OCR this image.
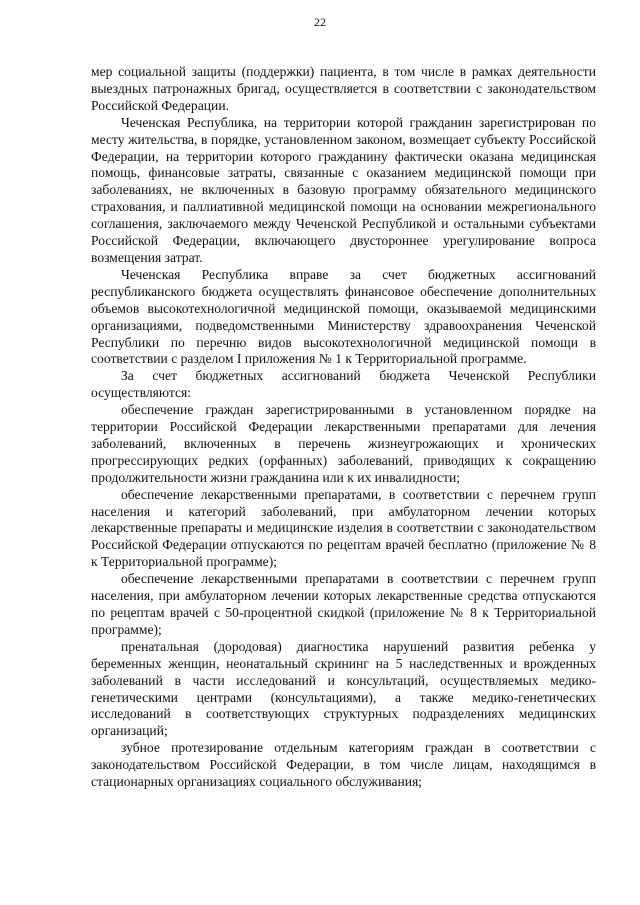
22

мер социальной защиты (поддержки) пациента, в том числе в рамках деятельности выездных патронажных бригад, осуществляется в соответствии с законодательством Российской Федерации.

Чеченская Республика, на территории которой гражданин зарегистрирован по месту жительства, в порядке, установленном законом, возмещает субъекту Российской Федерации, на территории которого гражданину фактически оказана медицинская помощь, финансовые затраты, связанные с оказанием медицинской помощи при заболеваниях, не включенных в базовую программу обязательного медицинского страхования, и паллиативной медицинской помощи на основании межрегионального соглашения, заключаемого между Чеченской Республикой и остальными субъектами Российской Федерации, включающего двустороннее урегулирование вопроса возмещения затрат.

Чеченская Республика вправе за счет бюджетных ассигнований республиканского бюджета осуществлять финансовое обеспечение дополнительных объемов высокотехнологичной медицинской помощи, оказываемой медицинскими организациями, подведомственными Министерству здравоохранения Чеченской Республики по перечню видов высокотехнологичной медицинской помощи в соответствии с разделом I приложения № 1 к Территориальной программе.

За счет бюджетных ассигнований бюджета Чеченской Республики осуществляются:

обеспечение граждан зарегистрированными в установленном порядке на территории Российской Федерации лекарственными препаратами для лечения заболеваний, включенных в перечень жизнеугрожающих и хронических прогрессирующих редких (орфанных) заболеваний, приводящих к сокращению продолжительности жизни гражданина или к их инвалидности;

обеспечение лекарственными препаратами, в соответствии с перечнем групп населения и категорий заболеваний, при амбулаторном лечении которых лекарственные препараты и медицинские изделия в соответствии с законодательством Российской Федерации отпускаются по рецептам врачей бесплатно (приложение № 8 к Территориальной программе);

обеспечение лекарственными препаратами в соответствии с перечнем групп населения, при амбулаторном лечении которых лекарственные средства отпускаются по рецептам врачей с 50-процентной скидкой (приложение № 8 к Территориальной программе);

пренатальная (дородовая) диагностика нарушений развития ребенка у беременных женщин, неонатальный скрининг на 5 наследственных и врожденных заболеваний в части исследований и консультаций, осуществляемых медико-генетическими центрами (консультациями), а также медико-генетических исследований в соответствующих структурных подразделениях медицинских организаций;

зубное протезирование отдельным категориям граждан в соответствии с законодательством Российской Федерации, в том числе лицам, находящимся в стационарных организациях социального обслуживания;
